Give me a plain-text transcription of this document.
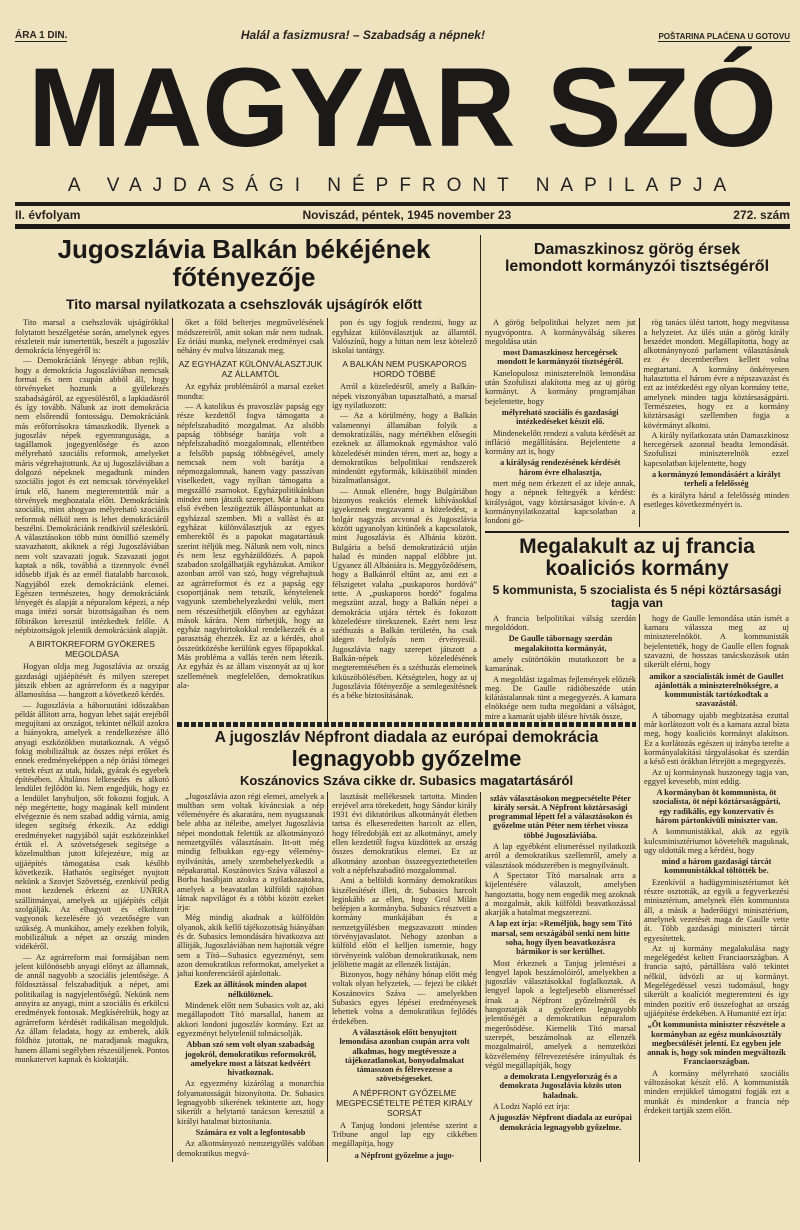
ÁRA 1 DIN.	Halál a fasizmusra! – Szabadság a népnek!	POŠTARINA PLAĆENA U GOTOVU
MAGYAR SZÓ
A VAJDASÁGI NÉPFRONT NAPILAPJA
II. évfolyam	Noviszád, péntek, 1945 november 23	272. szám
Jugoszlávia Balkán békéjének
főtényezője
Tito marsal nyilatkozata a csehszlovák ujságírók előtt
Damaszkinosz görög érsek
lemondott kormányzói tisztségéről

Tito marsal a csehszlovák ujságírókkal folytatott beszélgetése során, amelynek egyes részleteit már ismertettük, beszélt a jugoszláv demokrácia lényegéről is:

— Demokráciánk lényege abban rejlik, hogy a demokrácia Jugoszláviában nemcsak formai és nem csupán abból áll, hogy törvényeket hoztunk a gyülekezés szabadságáról, az egyesülésről, a lapkiadásról és így tovább. Nálunk az irott demokrácia nem elsőrendű fontosságu. Demokráciánk más erőforrásokra támaszkodik. Ilyenek a jugoszláv népek egyenrangusága, a tagállamok jogegyenlősége és azon mélyreható szociális reformok, amelyeket máris végrehajtottunk. Az uj Jugoszláviában a dolgozó népeknek megadtunk minden szociális jogot és ezt nemcsak törvényekkel írtuk elő, hanem megteremtettük már a törvények meghozatala előtt. Demokráciánk szociális, mint ahogyan mélyreható szociális reformok nélkül nem is lehet demokráciáról beszélni. Demokráciánk rendkívül széleskörű. A választásokon több mint ötmillió személy szavazhatott, akiknek a régi Jugoszláviában nem volt szavazati joguk. Szavazati jogot kaptak a nők, továbbá a tizennyolc évnél idősebb ifjak és az ennél fiatalabb harcosok. Nagyjából ezek demokráciánk elemei. Egészen természetes, hogy demokráciánk lényegét és alapját a népuralom képezi, a nép maga intézi sorsát bizottságaiban és nem főbirákon keresztül intézkedtek felőle. A népbizottságok jelentik demokráciánk alapját.

A BIRTOKREFORM GYÖKERES MEGOLDÁSA

Hogyan oldja meg Jugoszlávia az ország gazdasági ujjáépítését és milyen szerepet játszik ebben az agrárreform és a nagyipar államosítása — hangzott a következő kérdés.

— Jugoszlávia a háboruutáni időszakban példát állított arra, hogyan lehet saját erejéből megujítani az országot, tekintet nélkül azokra a hiányokra, amelyek a rendelkezésre álló anyagi eszközökben mutatkoznak. A végső fokig mobilizáltuk az összes népi erőket és ennek eredményeképpen a nép óriási tömegei vettek részt az utak, hidak, gyárak és egyebek építésében. Általános lelkesedés és alkotó lendület fejlődött ki. Nem engedjük, hogy ez a lendület lanyhuljon, sőt fokozni fogjuk. A nép megértette, hogy magának kell mindent elvégeznie és nem szabad addig várnia, amig idegen segítség érkezik. Az eddigi eredményeket nagyjából saját eszközeinkkel értük el. A szövetségesek segítsége a közelmultban jutott kifejezésre, míg az ujjáépítés támogatása csak később következik. Hathatós segítséget nyujtott nekünk a Szovjet Szövetség, ezenkívül pedig most kezdenek érkezni az UNRRA szállitmányai, amelyek az ujjáépítés célját szolgálják. Az elhagyott és elkobzott vagyonok kezelésére jó vezetőségre van szükség. A munkához, amely ezekben folyik, mobilizáltuk a népet az ország minden vidékéről.

— Az agrárreform mai formájában nem jelent különösebb anyagi előnyt az államnak, de annál nagyobb a szociális jelentősége. A földosztással felszabadítjuk a népet, ami politikailag is nagyjelentőségű. Nekünk nem annyira az anyagi, mint a szociális és erkölcsi eredmények fontosak. Megkíséreltük, hogy az agrárreform kérdését radikálisan megoldjuk. Az állam feladata, hogy az emberek, akik földhöz jutottak, ne maradjanak magukra, hanem állami segélyben részesüljenek. Pontos munkatervet kapnak és kioktatják.

őket a föld belterjes megművelésének módszereiről, amit sokan már nem tudnak. Ez óriási munka, melynek eredményei csak néhány év mulva látszanak meg.

AZ EGYHÁZAT KÜLÖNVÁLASZTJUK AZ ÁLLAMTÓL

Az egyház problémáiról a marsal ezeket mondta:

— A katolikus és pravoszláv papság egy része kezdettől fogva támogatta a népfelszabadító mozgalmat. Az alsóbb papság többsége barátja volt a népfelszabadító mozgalomnak, ellentétben a felsőbb papság többségével, amely nemcsak nem volt barátja a népmozgalomnak, hanem vagy passzívan viselkedett, vagy nyíltan támogatta a megszálló zsarnokot. Egyházpolitikánkban mindez nem játszik szerepet. Már a háboru első évében leszögeztük álláspontunkat az egyházzal szemben. Mi a vallást és az egyházat különválasztjuk az egyes emberektől és a papokat magatartásuk szerint itéljük meg. Nálunk nem volt, nincs és nem lesz egyházüldözés. A papok szabadon szolgálhatják egyházukat. Amikor azonban arról van szó, hogy végrehajtsuk az agrárreformot és ez a papság egy csoportjának nem tetszik, kénytelenek vagyunk szembehelyezkedni velük, mert nem részesíthetjük előnyben az egyházat mások kárára. Nem türhetjük, hogy az egyház nagybirtokokkal rendelkezzék és a parasztság éhezzék. Ez az a kérdés, ahol összeütközésbe kerülünk egyes főpapokkal. Más probléma a vallás terén nem létezik. Az egyház és az állam viszonyát az uj kor szellemének megfelelően, demokratikus ala-

pon és ugy fogjuk rendezni, hogy az egyházat különválasztjuk az államtól. Valószínű, hogy a hittan nem lesz kötelező iskolai tantárgy.

A BALKÁN NEM PUSKAPOROS HORDÓ TÖBBÉ

Arról a közeledésről, amely a Balkán-népek viszonyában tapasztalható, a marsal így nyilatkozott:

— Az a körülmény, hogy a Balkán valamennyi államában folyik a demokratizálás, nagy mértékben elősegíti ezeknek az államoknak egymáshoz való közeledését minden téren, mert az, hogy a demokratikus belpolitikai rendszerek mindenütt egyformák, kiküszöböl minden bizalmatlanságot.

— Annak ellenére, hogy Bulgáriában bizonyos reakciós elemek kihívásokkal igyekeznek megzavarni a közeledést, a bolgár nagyzás arcvonal és Jugoszlávia között ugyanolyan kitünőek a kapcsolatok, mint Jugoszlávia és Albánia között. Bulgária a belső demokratizáció utján halad és minden nappal előbbre jut. Ugyanez áll Albániára is. Meggyőződésem, hogy a Balkánról eltűnt az, ami ezt a félszigetet valaha „puskaporos hordóvá” tette. A „puskaporos hordó” fogalma megszünt azzal, hogy a Balkán népei a demokrácia utjára tértek és fokozott közeledésre törekszenek. Ezért nem lesz széthuzás a Balkán területén, ha csak idegen befolyás nem érvényesül. Jugoszlávia nagy szerepet játszott a Balkán-népek közeledésének megteremtésében és a széthuzás elemeinek kiküszöbölésében. Kétségtelen, hogy az uj Jugoszlávia főtényezője a semlegesítésnek és a béke biztosításának.

A görög belpolitikai helyzet nem jut nyugvópontra. A kormányválság sikeres megoldása után

most Damaszkinosz hercegérsek mondott le kormányzói tisztségéről.

Kanelopulosz miniszterelnök lemondása után Szofuliszi alakította meg az uj görög kormányt. A kormány programjában bejelentette, hogy

mélyreható szociális és gazdasági intézkedéseket készít elő.

Mindenekelőtt rendezi a valuta kérdését az infláció megállítására. Bejelentette a kormány azt is, hogy

a királyság rendezésének kérdését három évre elhalasztja,

mert még nem érkezett el az ideje annak, hogy a népnek feltegyék a kérdést: királyságot, vagy köztársaságot kíván-e. A kormánynyilatkozattal kapcsolatban a londoni gö-

rög tanács ülést tartott, hogy megvitassa a helyzetet. Az ülés után a görög király beszédet mondott. Megállapította, hogy az alkotmánynyozó parlament választásának ez év decemberében kellett volna megtartani. A kormány önkényesen halasztotta el három évre a népszavazást és ezt az intézkedést egy olyan kormány tette, amelynek minden tagja köztársaságpárti. Természetes, hogy ez a kormány köztársasági szellemben fogja a kövérmányt alkotni.

A király nyilatkozata után Damaszkinosz hercegérsek azonnal beadta lemondását. Szofuliszi miniszterelnök ezzel kapcsolatban kijelentette, hogy

a kormányzó lemondásáért a királyt terheli a felelősség

és a királyra hárul a felelősség minden esetleges következményért is.

Megalakult az uj francia
koaliciós kormány
5 kommunista, 5 szocialista és 5 népi köztársasági tagja van

A francia belpolitikai válság szerdán megoldódott.

De Gaulle tábornagy szerdán megalakította kormányát,

amely csütörtökön mutatkozott be a kamarának.

A megoldást izgalmas fejlemények előzték meg. De Gaulle rádióbeszéde után kilátástalannak tünt a megegyezés. A kamara elnöksége nem tudta megoldani a válságot, mire a kamarát ujabb ülésre hívták össze,

hogy de Gaulle lemondása után ismét a kamara válassza meg az uj miniszterelnököt. A kommunisták bejelentették, hogy de Gaulle ellen fognak szavazni, de hosszas tanácskozások után sikerült elérni, hogy

amikor a szocialisták ismét de Gaullet ajánlották a miniszterelnökségre, a kommunisták tartózkodtak a szavazástól.

A tábornagy ujabb megbizatása ezuttal már korlátozott volt és a kamara azzal bízta meg, hogy koaliciós kormányt alakítson. Ez a korlátozás egészen uj irányba terelte a kormányalakítási tárgyalásokat és szerdán a késő esti órákban létrejött a megegyezés.

Az uj kormánynak huszonegy tagja van, eggyel kevesebb, mint eddig.

A kormányban öt kommunista, öt szocialista, öt népi köztársaságpárti, egy radikális, egy konzervatív és három pártonkívüli miniszter van.

A kommunistákkal, akik az egyik kulcsminisztériumot követelték maguknak, ugy oldották meg a kérdést, hogy

mind a három gazdasági tárcát kommunistákkal töltötték be.

Ezenkívül a hadügyminisztériumot két részre osztották, az egyik a fegyverkezési minisztérium, amelynek élén kommunista áll, a másik a haderőügyi minisztérium, amelynek vezetését maga de Gaulle vette át. Több gazdasági miniszteri tárcát egyesítettek.

Az uj kormány megalakulása nagy megelégedést keltett Franciaországban. A francia sajtó, pártállásra való tekintet nélkül, üdvözli az uj kormányt. Megelégedéssel veszi tudomásul, hogy sikerült a koalíciót megteremteni és igy minden pozitív erő összefoghat az ország ujjáépítése érdekében. A Humanité ezt írja:

„Öt kommunista miniszter részvétele a kormányban az egész munkásosztály megbecsülését jelenti. Ez egyben jele annak is, hogy sok minden megváltozik Franciaországban.

A kormány mélyreható szociális változásokat készít elő. A kommunisták minden erejükkel támogatni fogják ezt a munkát és mindenkor a francia nép érdekeit tartják szem előtt.

A jugoszláv Népfront diadala az európai demokrácia
legnagyobb győzelme
Koszánovics Száva cikke dr. Subasics magatartásáról

„Jugoszlávia azon régi elemei, amelyek a multban sem voltak kíváncsiak a nép véleményére és akaratára, nem nyugszanak bele abba az itéletbe, amelyet Jugoszlávia népei mondottak felettük az alkotmányozó nemzetgyűlés választásain. Itt-ott még mindig felbukkan egy-egy vélemény-nyilvánítás, amely szembehelyezkedik a népakarattal. Koszánovics Száva válaszol a Borba hasábjain azokra a nyilatkozatokra, amelyek a beavatatlan külföldi sajtóban látnak napvilágot és a többi között ezeket írja:

Még mindig akadnak a külföldön olyanok, akik kellő tájékozottság hiányában és dr. Subasics lemondására hivatkozva azt állítják, Jugoszláviában nem hajtották végre sem a Tító—Subasics egyezményt, sem azon demokratikus reformokat, amelyeket a jaltai konferenciáról ajánlottak.

Ezek az állítások minden alapot nélkülöznek.

Mindenek előtt nem Subasics volt az, aki megállapodott Tító marsallal, hanem az akkori londoni jugoszláv kormány. Ezt az egyezményt helytelenül tolmácsolják.

Abban szó sem volt olyan szabadság jogokról, demokratikus reformokról, amelyekre most a látszat kedvéért hivatkoznak.

Az egyezmény kizárólag a monarchia folyamatosságát bizonyította. Dr. Subasics legnagyobb sikerének tekintette azt, hogy sikerült a helytartó tanácson keresztül a királyi hatalmat biztosítania.

Számára ez volt a legfontosabb

Az alkotmányozó nemzetgyűlés valóban demokratikus megvá-

lasztását mellékesnek tartotta. Minden erejével arra törekedett, hogy Sándor király 1931 évi diktatórikus alkotmányát életben tartsa és elkeseredetten harcolt az ellen, hogy félredobják ezt az alkotmányt, amely ellen kezdettől fogva küzdöttek az ország összes demokratikus elemei. Ez az alkotmány azonban összeegyeztethetetlen volt a népfelszabadító mozgalommal.

Ami a belföldi kormány demokratikus kiszélesítését illeti, dr. Subasics harcolt leginkább az ellen, hogy Grol Milán belépjen a kormányba. Subasics résztvett a kormány munkájában és a nemzetgyűlésben megszavazott minden törvényjavaslatot. Nehogy azonban a külföld előtt el kelljen ismernie, hogy törvényeink valóban demokratikusak, nem jelöltette magát az ellenzék listáján.

Bizonyos, hogy néhány hónap előtt még voltak olyan helyzetek, — fejezi be cikkét Koszánovics Száva — amelyekben Subasics egyes lépései eredményesek lehettek volna a demokratikus fejlődés érdekében.

A választások előtt benyujtott lemondása azonban csupán arra volt alkalmas, hogy megtévessze a tájékozatlanokat, bonyodalmakat támasszon és félrevezesse a szövetségeseket.

A NÉPFRONT GYŐZELME MEGPECSÉTELTE PÉTER KIRÁLY SORSÁT

A Tanjug londoni jelentése szerint a Tribune angol lap egy cikkében megállapítja, hogy

a Népfront győzelme a jugo-

szláv választásokon megpecsételte Péter király sorsát. A Népfront köztársasági programmal lépett fel a választásokon és győzelme után Péter nem térhet vissza többé Jugoszláviába.

A lap egyébként elismeréssel nyilatkozik arról a demokratikus szellemről, amely a választások módszerében is megnyilvánult.

A Spectator Tító marsalnak arra a kijelentésére válaszolt, amelyben hangoztatta, hogy nem engedik meg azoknak a mozgalmát, akik külföldi beavatkozással akarják a hatalmat megszerezni.

A lap ezt írja: »Reméljük, hogy sem Tító marsal, sem országából senki nem hitte soha, hogy ilyen beavatkozásra bármikor is sor kerülhet.

Most érkeznek a Tanjug jelentései a lengyel lapok beszámolóiról, amelyekben a jugoszláv választásokkal foglalkoztak. A lengyel lapok a legteljesebb elismeréssel írnak a Népfront győzelméről és hangoztatják a győzelem legnagyobb jelentőségét a demokratikus népuralom megerősödése. Kiemelik Tító marsal szerepét, beszámolnak az ellenzék mozgalmairól, amelyek a nemzetközi közvélemény félrevezetésére irányultak és végül megállapítják, hogy

a demokrata Lengyelország és a demokrata Jugoszlávia közös uton haladnak.

A Lodzi Napló ezt írja:

A jugoszláv Népfront diadala az európai demokrácia legnagyobb győzelme.
